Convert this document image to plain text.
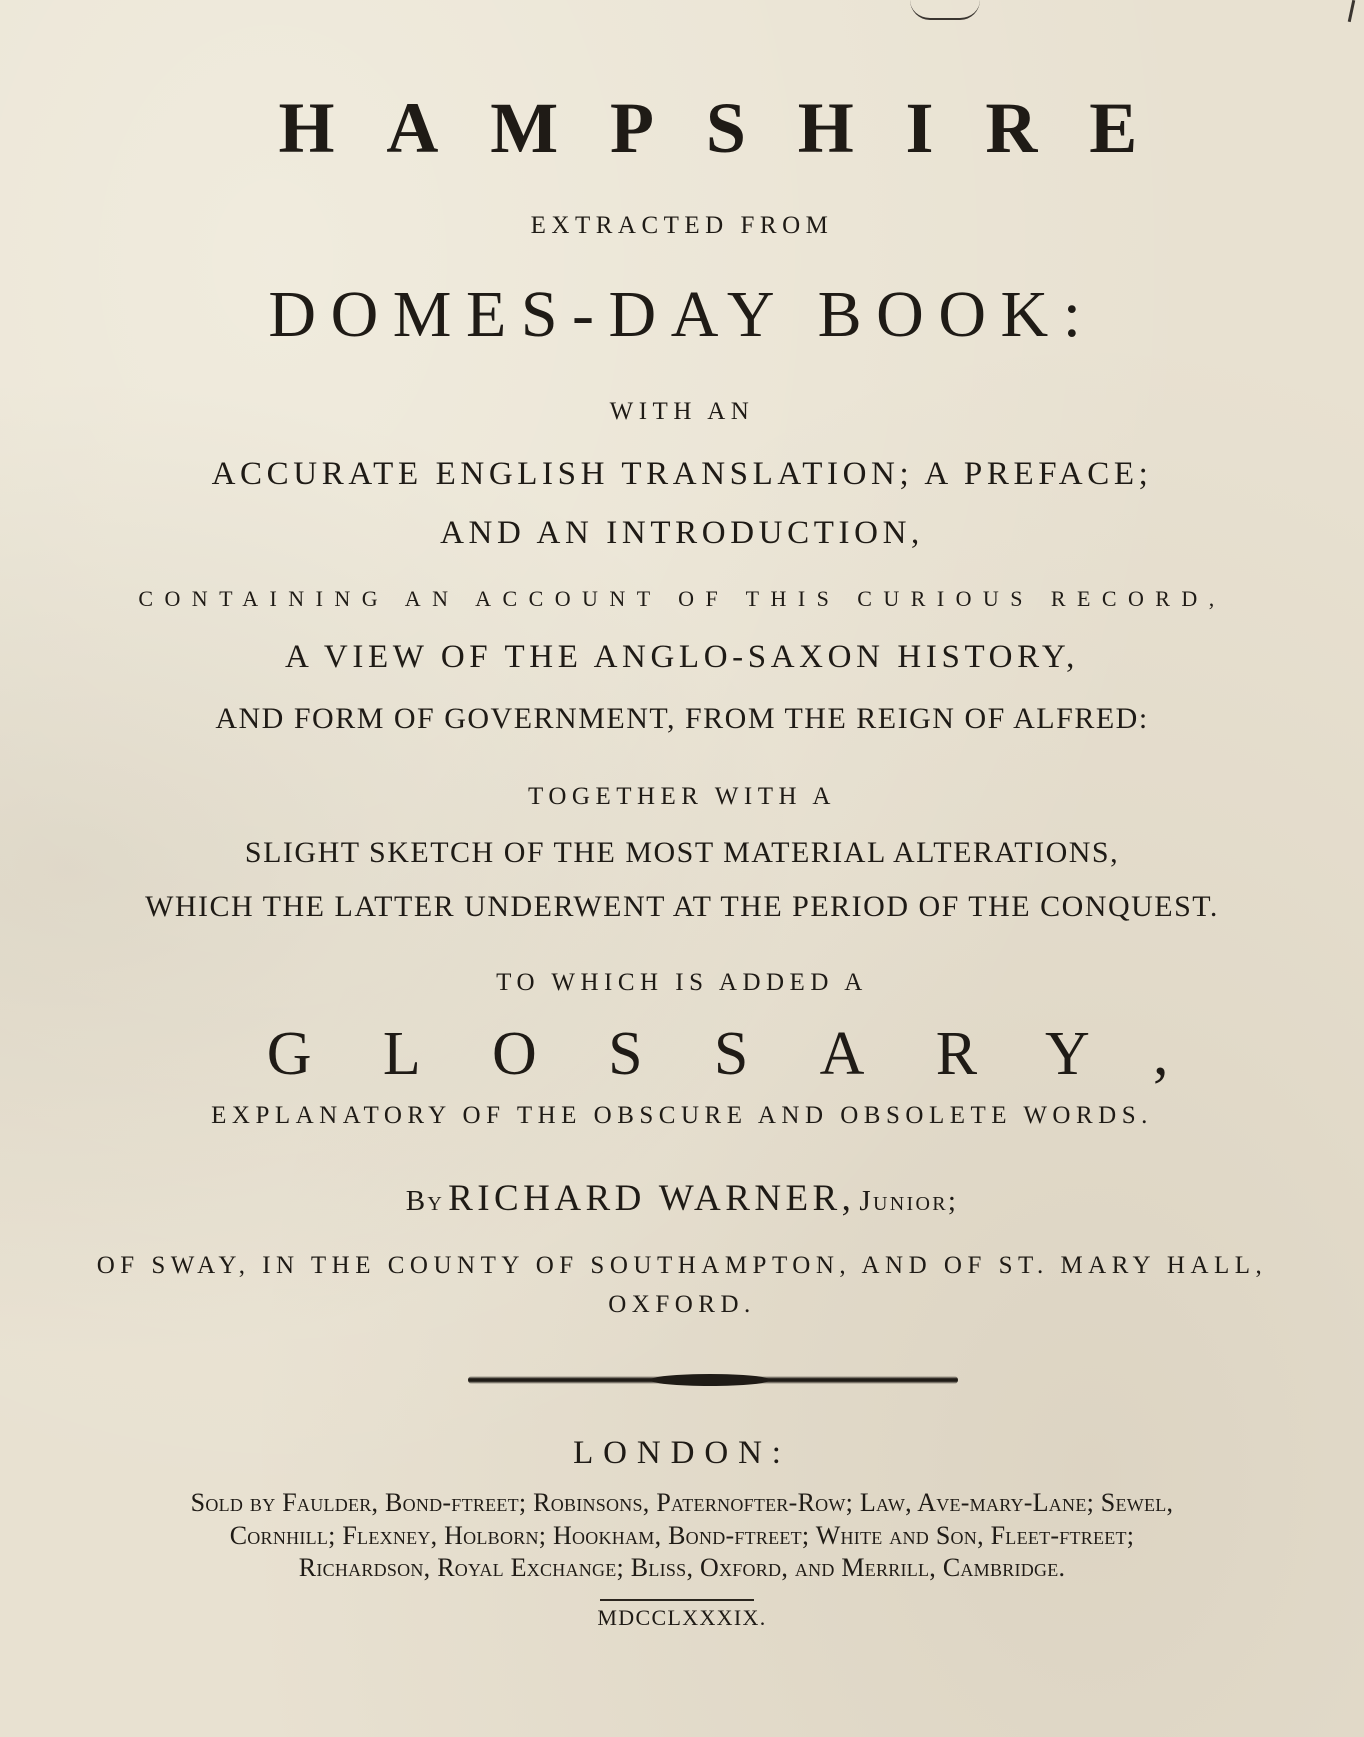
HAMPSHIRE
EXTRACTED FROM
DOMES-DAY BOOK:
WITH AN
ACCURATE ENGLISH TRANSLATION; A PREFACE;
AND AN INTRODUCTION,
CONTAINING AN ACCOUNT OF THIS CURIOUS RECORD,
A VIEW OF THE ANGLO-SAXON HISTORY,
AND FORM OF GOVERNMENT, FROM THE REIGN OF ALFRED:
TOGETHER WITH A
SLIGHT SKETCH OF THE MOST MATERIAL ALTERATIONS,
WHICH THE LATTER UNDERWENT AT THE PERIOD OF THE CONQUEST.
TO WHICH IS ADDED A
GLOSSARY,
EXPLANATORY OF THE OBSCURE AND OBSOLETE WORDS.
By RICHARD WARNER, Junior;
OF SWAY, IN THE COUNTY OF SOUTHAMPTON, AND OF ST. MARY HALL,
OXFORD.
LONDON:
Sold by Faulder, Bond-ftreet; Robinsons, Paternofter-Row; Law, Ave-mary-Lane; Sewel,
Cornhill; Flexney, Holborn; Hookham, Bond-ftreet; White and Son, Fleet-ftreet;
Richardson, Royal Exchange; Bliss, Oxford, and Merrill, Cambridge.
MDCCLXXXIX.
